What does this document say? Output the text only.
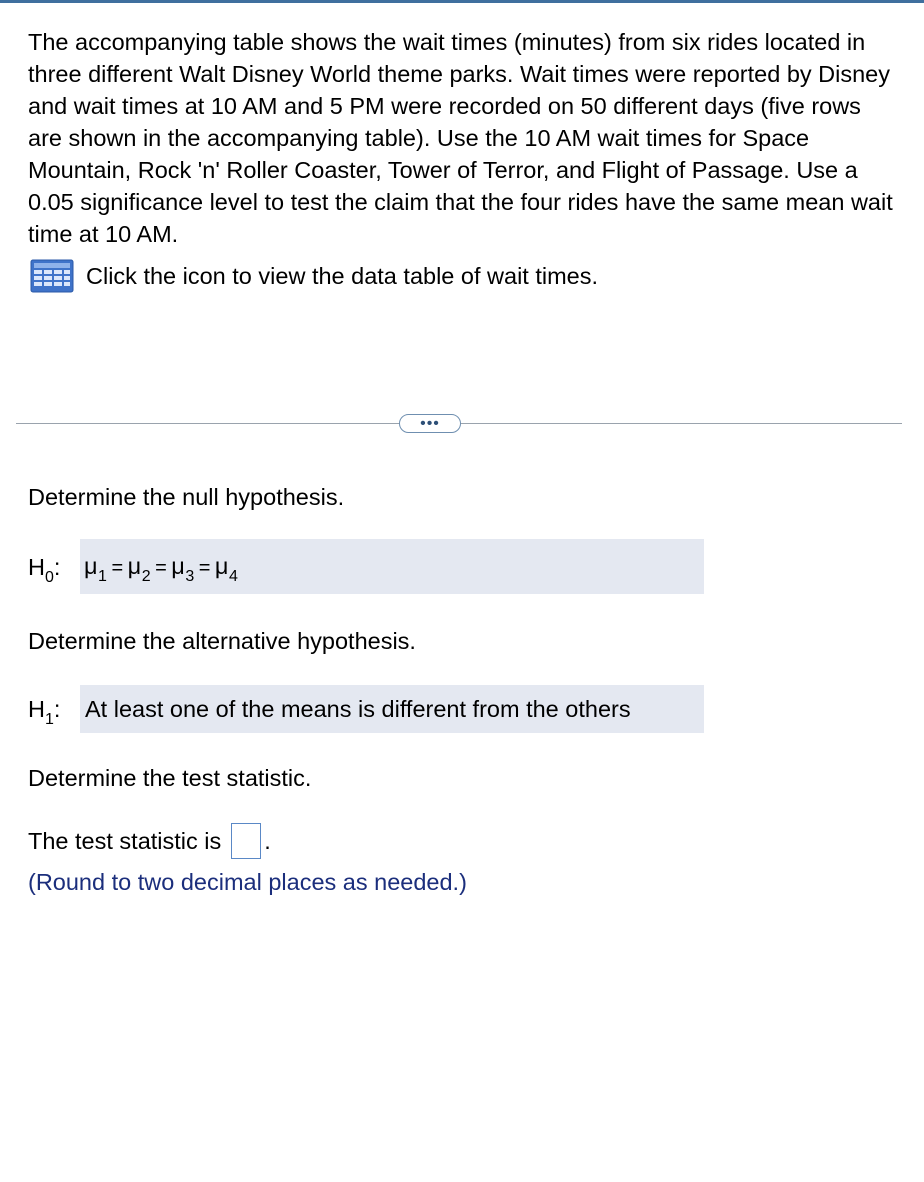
The accompanying table shows the wait times (minutes) from six rides located in three different Walt Disney World theme parks. Wait times were reported by Disney and wait times at 10 AM and 5 PM were recorded on 50 different days (five rows are shown in the accompanying table). Use the 10 AM wait times for Space Mountain, Rock 'n' Roller Coaster, Tower of Terror, and Flight of Passage. Use a 0.05 significance level to test the claim that the four rides have the same mean wait time at 10 AM.
Click the icon to view the data table of wait times.
•••
Determine the null hypothesis.
$H_0$: $\mu_1 = \mu_2 = \mu_3 = \mu_4$
Determine the alternative hypothesis.
$H_1$: At least one of the means is different from the others
Determine the test statistic.
The test statistic is .
(Round to two decimal places as needed.)
